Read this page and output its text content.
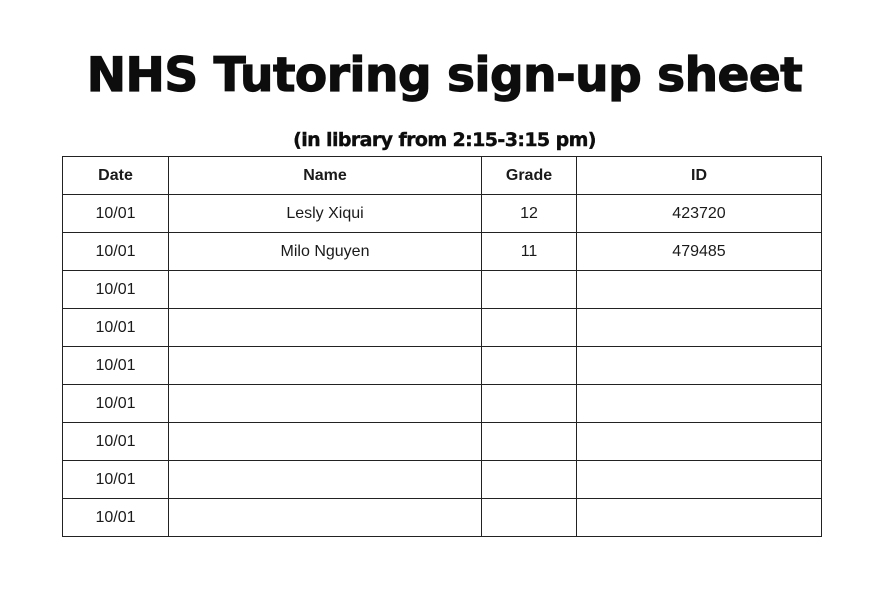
NHS Tutoring sign-up sheet
(in library from 2:15-3:15 pm)
Date	Name	Grade	ID
10/01	Lesly Xiqui	12	423720
10/01	Milo Nguyen	11	479485
10/01			
10/01			
10/01			
10/01			
10/01			
10/01			
10/01			
